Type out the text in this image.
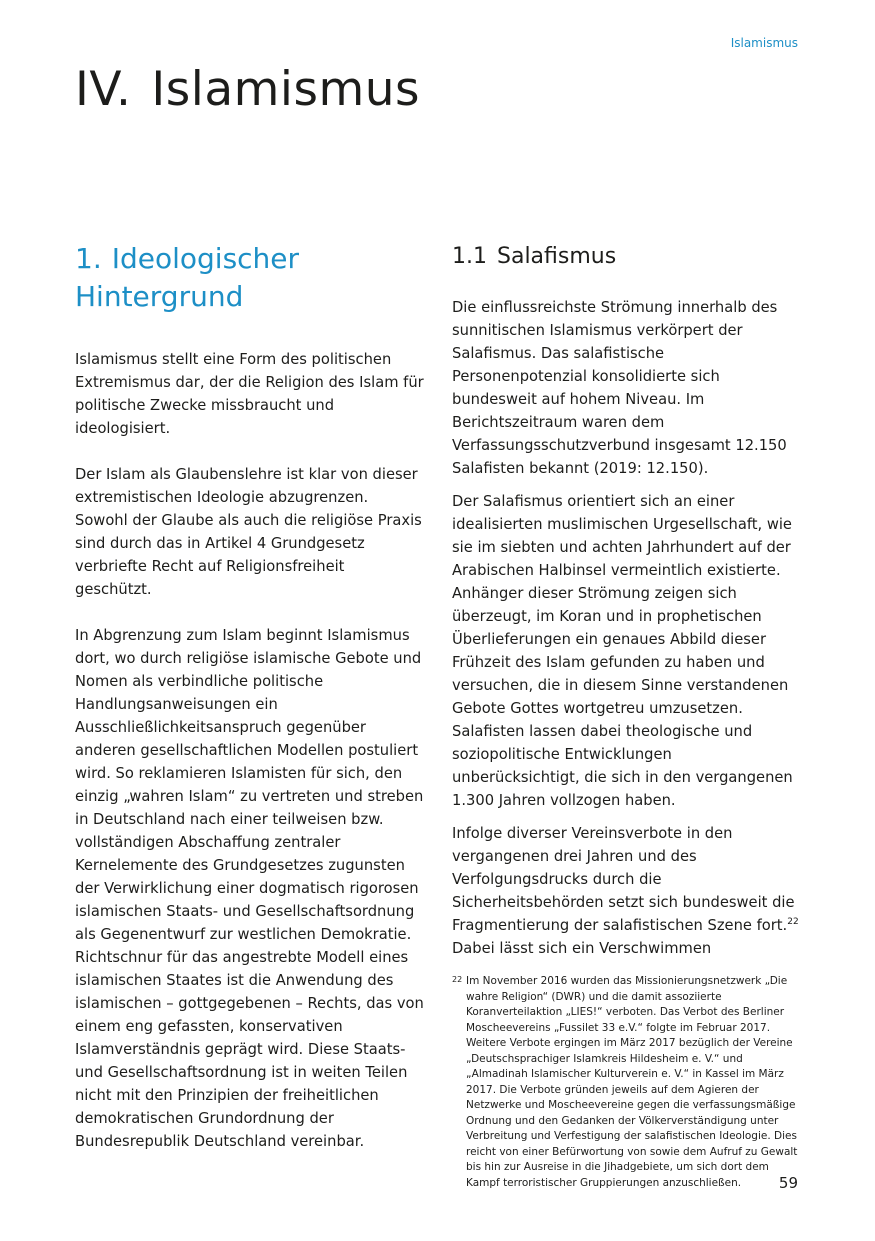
Islamismus
IV. Islamismus
1. Ideologischer
Hintergrund

Islamismus stellt eine Form des politischen Extremismus dar, der die Religion des Islam für politische Zwecke missbraucht und ideologisiert.

Der Islam als Glaubenslehre ist klar von dieser extremistischen Ideologie abzugrenzen. Sowohl der Glaube als auch die religiöse Praxis sind durch das in Artikel 4 Grundgesetz verbriefte Recht auf Religionsfreiheit geschützt.

In Abgrenzung zum Islam beginnt Islamismus dort, wo durch religiöse islamische Gebote und Nomen als verbindliche politische Handlungsanweisungen ein Ausschließlichkeitsanspruch gegenüber anderen gesellschaftlichen Modellen postuliert wird. So reklamieren Islamisten für sich, den einzig „wahren Islam“ zu vertreten und streben in Deutschland nach einer teilweisen bzw. vollständigen Abschaffung zentraler Kernelemente des Grundgesetzes zugunsten der Verwirklichung einer dogmatisch rigorosen islamischen Staats- und Gesellschaftsordnung als Gegenentwurf zur westlichen Demokratie. Richtschnur für das angestrebte Modell eines islamischen Staates ist die Anwendung des islamischen – gottgegebenen – Rechts, das von einem eng gefassten, konservativen Islamverständnis geprägt wird. Diese Staats- und Gesellschaftsordnung ist in weiten Teilen nicht mit den Prinzipien der freiheitlichen demokratischen Grundordnung der Bundesrepublik Deutschland vereinbar.

1.1 Salafismus

Die einflussreichste Strömung innerhalb des sunnitischen Islamismus verkörpert der Salafismus. Das salafistische Personenpotenzial konsolidierte sich bundesweit auf hohem Niveau. Im Berichtszeitraum waren dem Verfassungsschutzverbund insgesamt 12.150 Salafisten bekannt (2019: 12.150).

Der Salafismus orientiert sich an einer idealisierten muslimischen Urgesellschaft, wie sie im siebten und achten Jahrhundert auf der Arabischen Halbinsel vermeintlich existierte. Anhänger dieser Strömung zeigen sich überzeugt, im Koran und in prophetischen Überlieferungen ein genaues Abbild dieser Frühzeit des Islam gefunden zu haben und versuchen, die in diesem Sinne verstandenen Gebote Gottes wortgetreu umzusetzen. Salafisten lassen dabei theologische und soziopolitische Entwicklungen unberücksichtigt, die sich in den vergangenen 1.300 Jahren vollzogen haben.

Infolge diverser Vereinsverbote in den vergangenen drei Jahren und des Verfolgungsdrucks durch die Sicherheitsbehörden setzt sich bundesweit die Fragmentierung der salafistischen Szene fort.$^{22}$ Dabei lässt sich ein Verschwimmen

22 Im November 2016 wurden das Missionierungsnetzwerk „Die wahre Religion“ (DWR) und die damit assoziierte Koranverteilaktion „LIES!“ verboten. Das Verbot des Berliner Moscheevereins „Fussilet 33 e.V.“ folgte im Februar 2017. Weitere Verbote ergingen im März 2017 bezüglich der Vereine „Deutschsprachiger Islamkreis Hildesheim e. V.“ und „Almadinah Islamischer Kulturverein e. V.“ in Kassel im März 2017. Die Verbote gründen jeweils auf dem Agieren der Netzwerke und Moscheevereine gegen die verfassungsmäßige Ordnung und den Gedanken der Völkerverständigung unter Verbreitung und Verfestigung der salafistischen Ideologie. Dies reicht von einer Befürwortung von sowie dem Aufruf zu Gewalt bis hin zur Ausreise in die Jihadgebiete, um sich dort dem Kampf terroristischer Gruppierungen anzuschließen.	59
